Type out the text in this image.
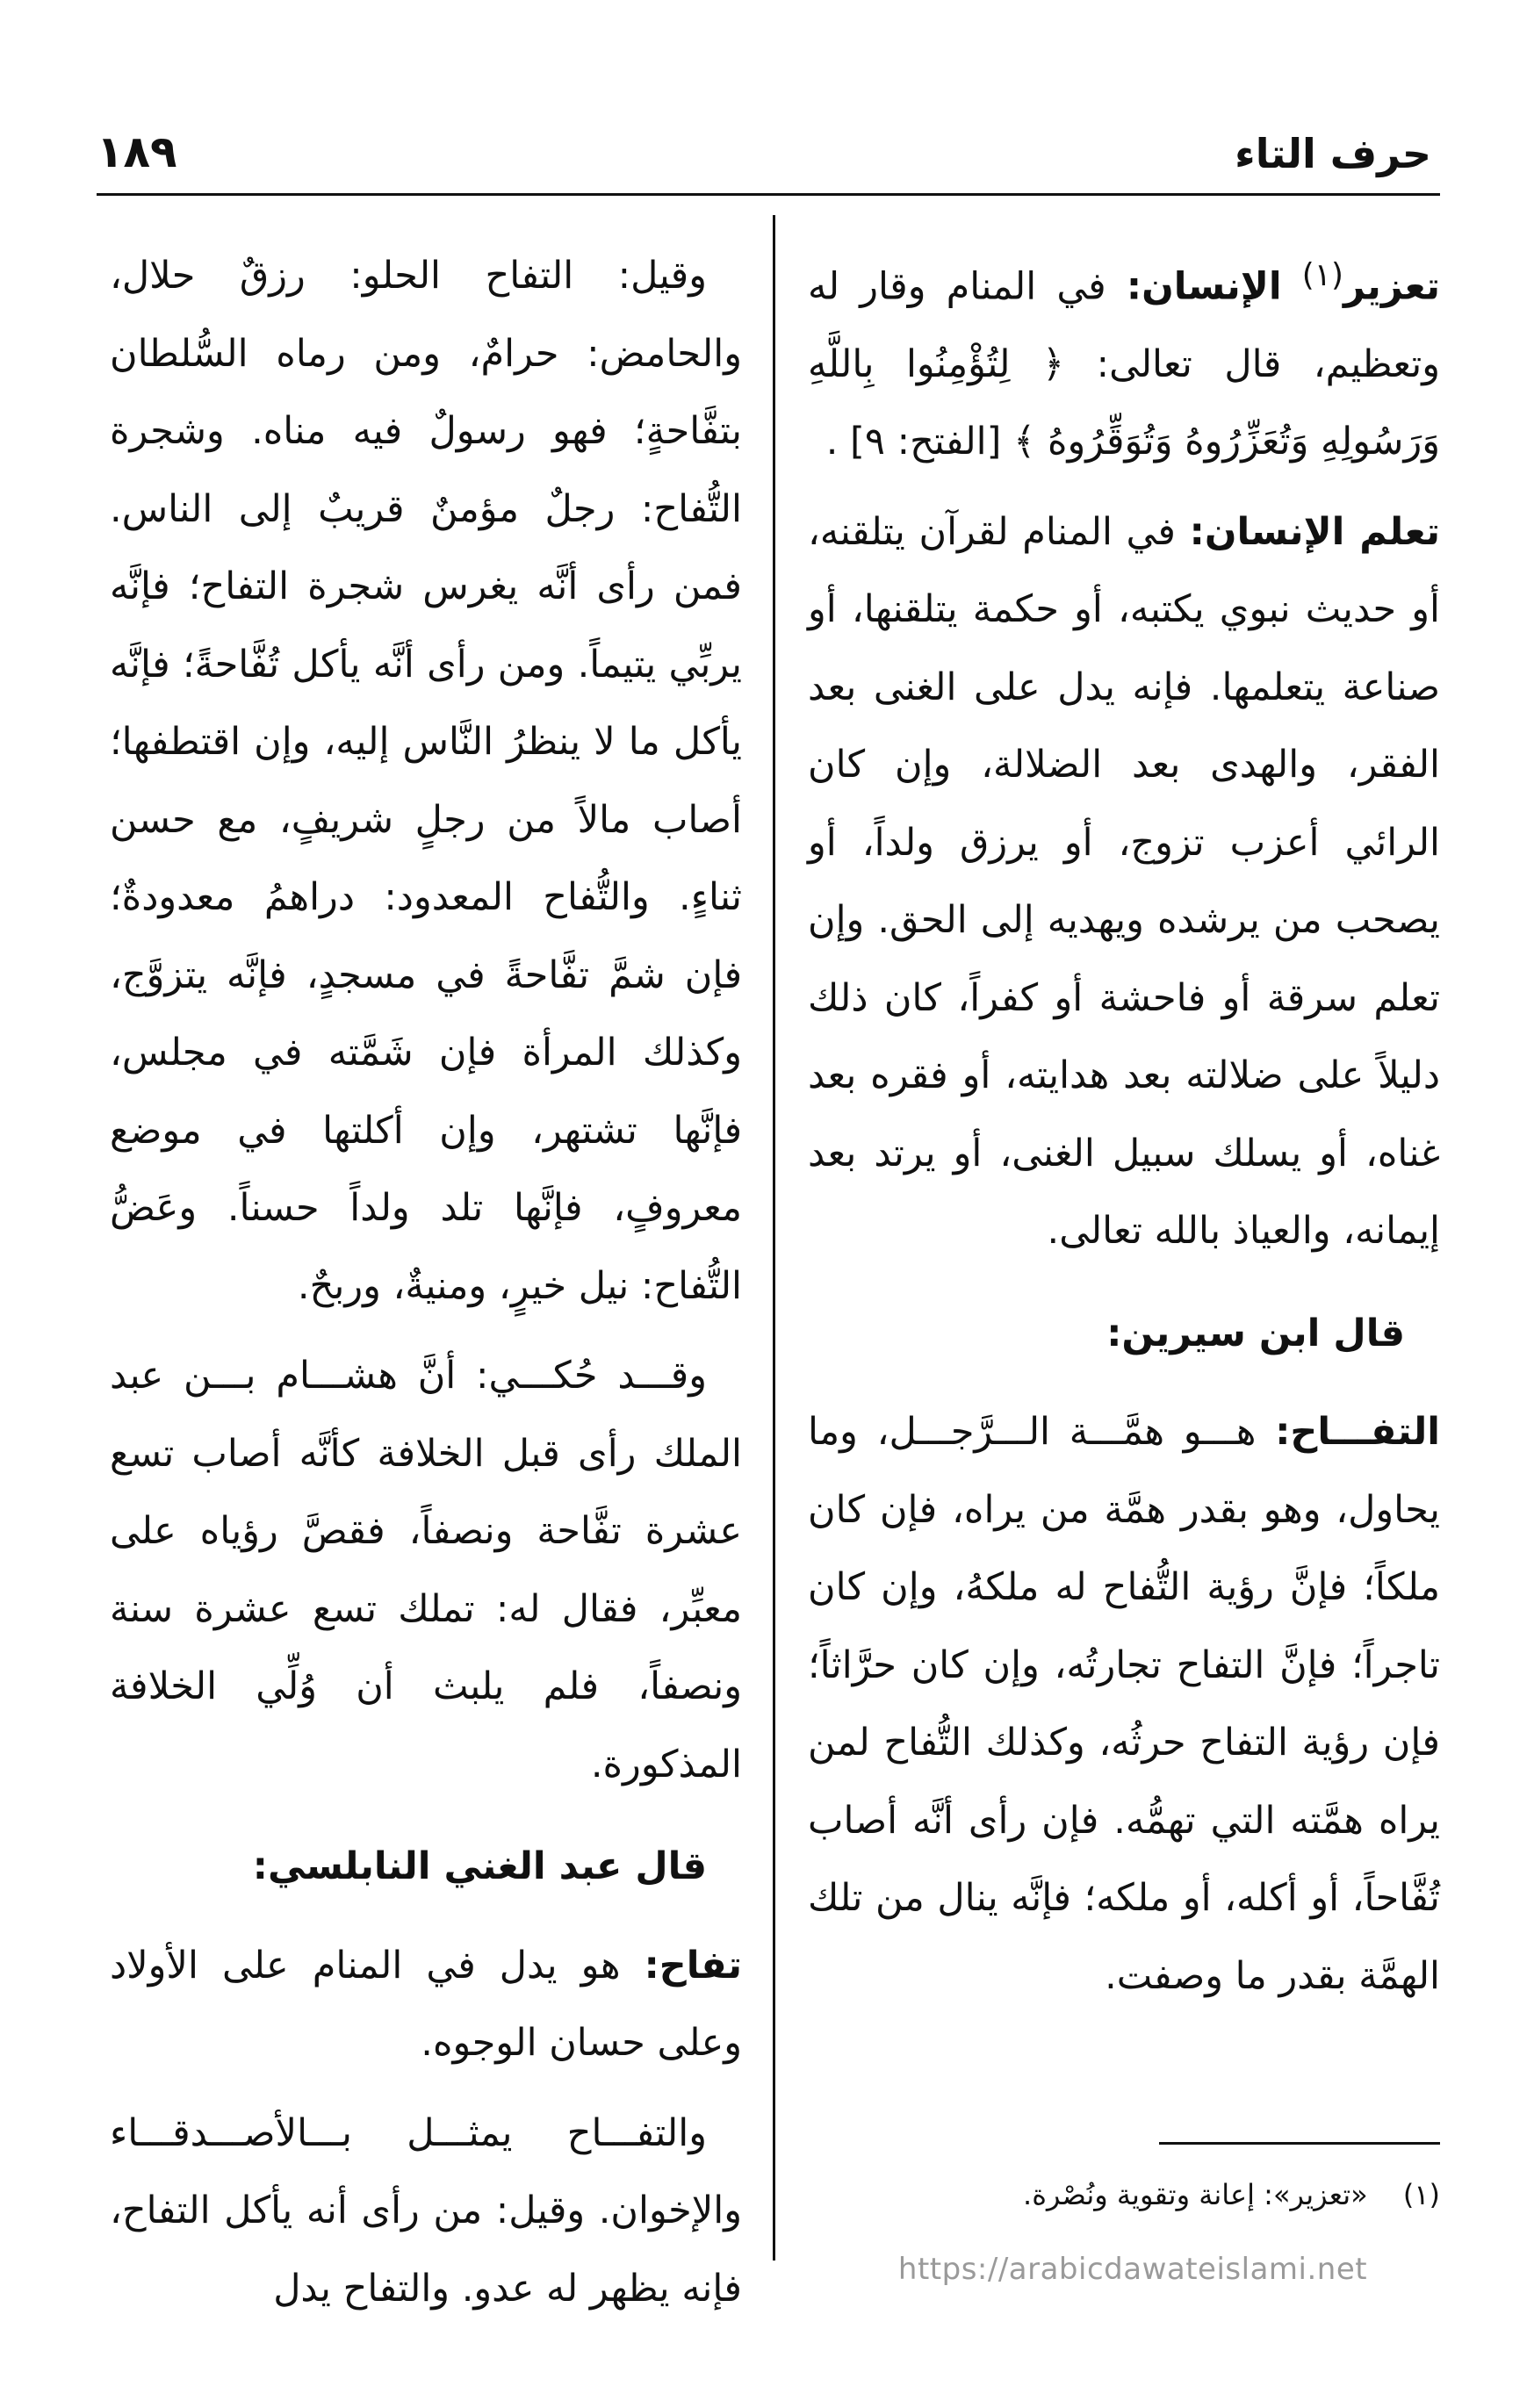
حرف التاء
١٨٩

تعزير$^{(١)}$ الإنسان: في المنام وقار له وتعظيم، قال تعالى: ﴿ لِتُؤْمِنُوا بِاللَّهِ وَرَسُولِهِ وَتُعَزِّرُوهُ وَتُوَقِّرُوهُ ﴾ [الفتح: ٩] .

تعلم الإنسان: في المنام لقرآن يتلقنه، أو حديث نبوي يكتبه، أو حكمة يتلقنها، أو صناعة يتعلمها. فإنه يدل على الغنى بعد الفقر، والهدى بعد الضلالة، وإن كان الرائي أعزب تزوج، أو يرزق ولداً، أو يصحب من يرشده ويهديه إلى الحق. وإن تعلم سرقة أو فاحشة أو كفراً، كان ذلك دليلاً على ضلالته بعد هدايته، أو فقره بعد غناه، أو يسلك سبيل الغنى، أو يرتد بعد إيمانه، والعياذ بالله تعالى.

قال ابن سيرين:

التفـــاح: هـــو همَّـــة الـــرَّجـــل، وما يحاول، وهو بقدر همَّة من يراه، فإن كان ملكاً؛ فإنَّ رؤية التُّفاح له ملكهُ، وإن كان تاجراً؛ فإنَّ التفاح تجارتُه، وإن كان حرَّاثاً؛ فإن رؤية التفاح حرثُه، وكذلك التُّفاح لمن يراه همَّته التي تهمُّه. فإن رأى أنَّه أصاب تُفَّاحاً، أو أكله، أو ملكه؛ فإنَّه ينال من تلك الهمَّة بقدر ما وصفت.

وقيل: التفاح الحلو: رزقٌ حلال، والحامض: حرامٌ، ومن رماه السُّلطان بتفَّاحةٍ؛ فهو رسولٌ فيه مناه. وشجرة التُّفاح: رجلٌ مؤمنٌ قريبٌ إلى الناس. فمن رأى أنَّه يغرس شجرة التفاح؛ فإنَّه يربِّي يتيماً. ومن رأى أنَّه يأكل تُفَّاحةً؛ فإنَّه يأكل ما لا ينظرُ النَّاس إليه، وإن اقتطفها؛ أصاب مالاً من رجلٍ شريفٍ، مع حسن ثناءٍ. والتُّفاح المعدود: دراهمُ معدودةٌ؛ فإن شمَّ تفَّاحةً في مسجدٍ، فإنَّه يتزوَّج، وكذلك المرأة فإن شَمَّته في مجلس، فإنَّها تشتهر، وإن أكلتها في موضع معروفٍ، فإنَّها تلد ولداً حسناً. وعَضُّ التُّفاح: نيل خيرٍ، ومنيةٌ، وربحٌ.

وقـــد حُكـــي: أنَّ هشـــام بـــن عبد الملك رأى قبل الخلافة كأنَّه أصاب تسع عشرة تفَّاحة ونصفاً، فقصَّ رؤياه على معبِّر، فقال له: تملك تسع عشرة سنة ونصفاً، فلم يلبث أن وُلِّي الخلافة المذكورة.

قال عبد الغني النابلسي:

تفاح: هو يدل في المنام على الأولاد وعلى حسان الوجوه.

والتفـــاح يمثـــل بـــالأصـــدقـــاء والإخوان. وقيل: من رأى أنه يأكل التفاح، فإنه يظهر له عدو. والتفاح يدل

(١) «تعزير»: إعانة وتقوية ونُصْرة.
https://arabicdawateislami.net
